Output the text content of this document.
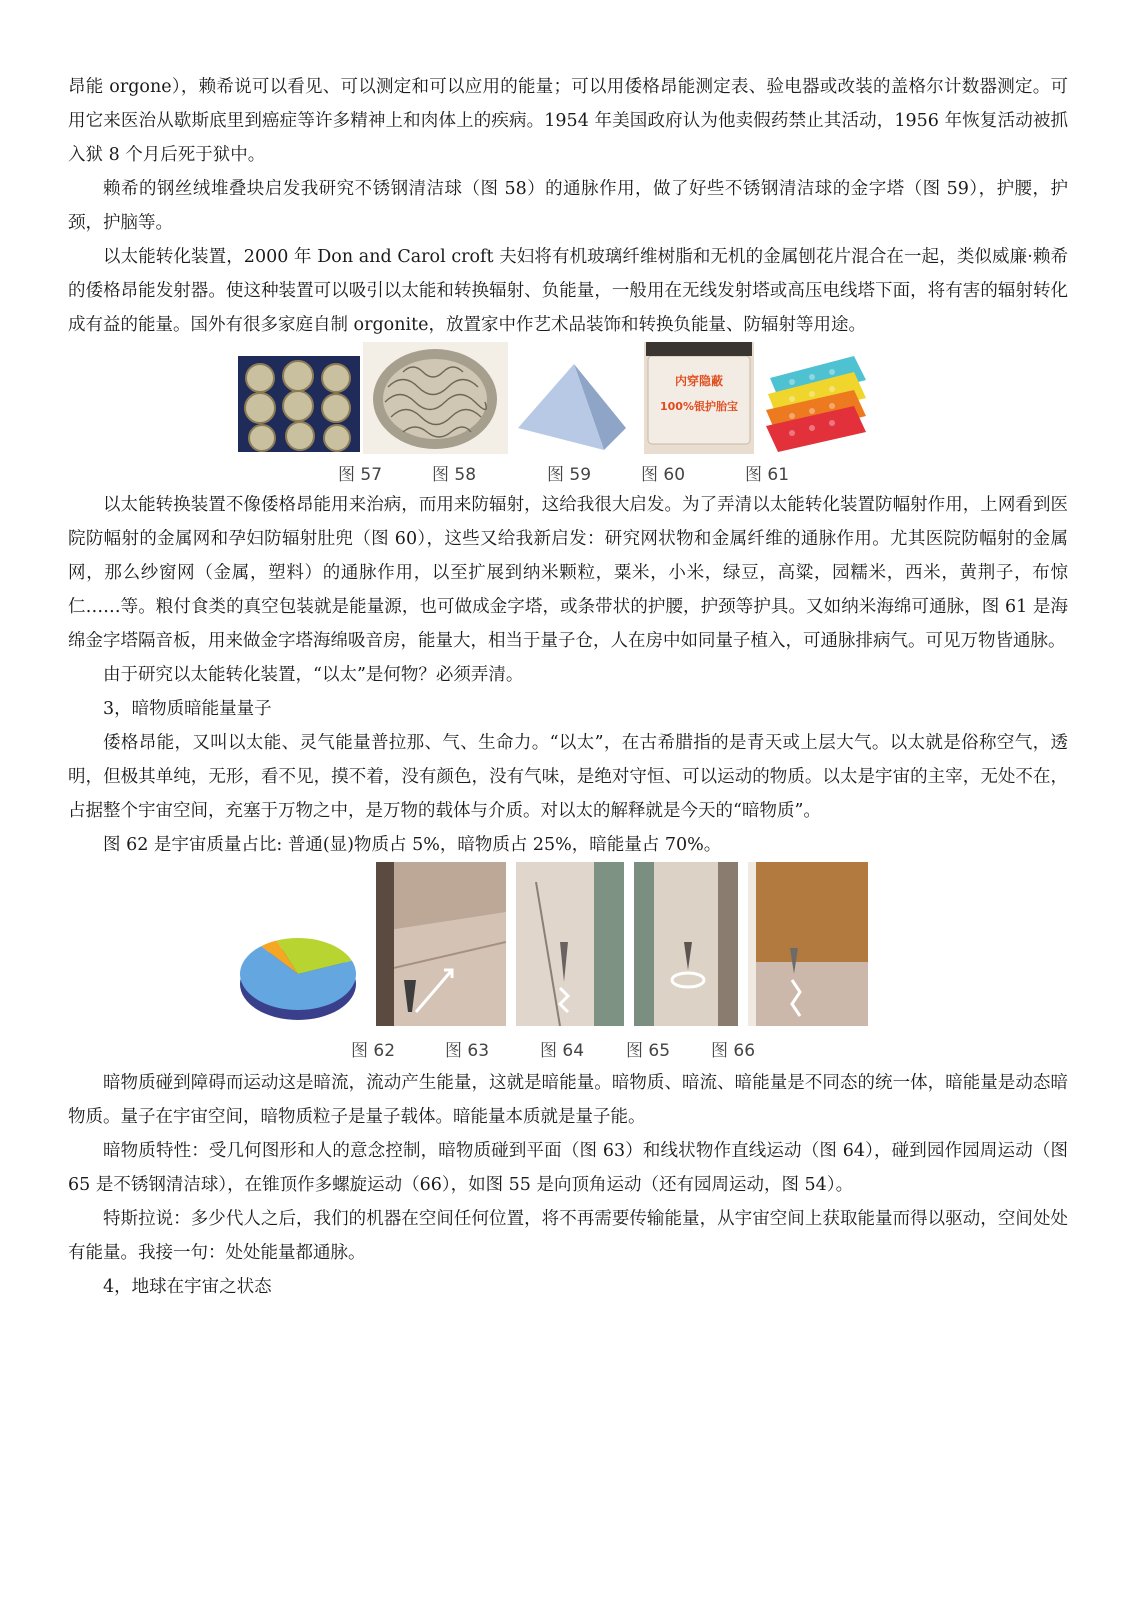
昂能 orgone），赖希说可以看见、可以测定和可以应用的能量；可以用倭格昂能测定表、验电器或改装的盖格尔计数器测定。可用它来医治从歇斯底里到癌症等许多精神上和肉体上的疾病。1954 年美国政府认为他卖假药禁止其活动，1956 年恢复活动被抓入狱 8 个月后死于狱中。

赖希的钢丝绒堆叠块启发我研究不锈钢清洁球（图 58）的通脉作用，做了好些不锈钢清洁球的金字塔（图 59），护腰，护颈，护脑等。

以太能转化装置，2000 年 Don and Carol croft 夫妇将有机玻璃纤维树脂和无机的金属刨花片混合在一起，类似威廉·赖希的倭格昂能发射器。使这种装置可以吸引以太能和转换辐射、负能量，一般用在无线发射塔或高压电线塔下面，将有害的辐射转化成有益的能量。国外有很多家庭自制 orgonite，放置家中作艺术品装饰和转换负能量、防辐射等用途。

内穿隐蔽
100%银护胎宝
图 57	图 58	图 59	图 60	图 61

以太能转换装置不像倭格昂能用来治病，而用来防辐射，这给我很大启发。为了弄清以太能转化装置防幅射作用，上网看到医院防幅射的金属网和孕妇防辐射肚兜（图 60），这些又给我新启发：研究网状物和金属纤维的通脉作用。尤其医院防幅射的金属网，那么纱窗网（金属，塑料）的通脉作用，以至扩展到纳米颗粒，粟米，小米，绿豆，高粱，园糯米，西米，黄荆子，布惊仁……等。粮付食类的真空包装就是能量源，也可做成金字塔，或条带状的护腰，护颈等护具。又如纳米海绵可通脉，图 61 是海绵金字塔隔音板，用来做金字塔海绵吸音房，能量大，相当于量子仓，人在房中如同量子植入，可通脉排病气。可见万物皆通脉。

由于研究以太能转化装置，“以太”是何物？必须弄清。

3，暗物质暗能量量子

倭格昂能，又叫以太能、灵气能量普拉那、气、生命力。“以太”，在古希腊指的是青天或上层大气。以太就是俗称空气，透明，但极其单纯，无形，看不见，摸不着，没有颜色，没有气味，是绝对守恒、可以运动的物质。以太是宇宙的主宰，无处不在，占据整个宇宙空间，充塞于万物之中，是万物的载体与介质。对以太的解释就是今天的“暗物质”。

图 62 是宇宙质量占比: 普通(显)物质占 5%，暗物质占 25%，暗能量占 70%。

图 62	图 63	图 64 图 65 图 66

暗物质碰到障碍而运动这是暗流，流动产生能量，这就是暗能量。暗物质、暗流、暗能量是不同态的统一体，暗能量是动态暗物质。量子在宇宙空间，暗物质粒子是量子载体。暗能量本质就是量子能。

暗物质特性：受几何图形和人的意念控制，暗物质碰到平面（图 63）和线状物作直线运动（图 64），碰到园作园周运动（图 65 是不锈钢清洁球），在锥顶作多螺旋运动（66），如图 55 是向顶角运动（还有园周运动，图 54）。

特斯拉说：多少代人之后，我们的机器在空间任何位置，将不再需要传输能量，从宇宙空间上获取能量而得以驱动，空间处处有能量。我接一句：处处能量都通脉。

4，地球在宇宙之状态
